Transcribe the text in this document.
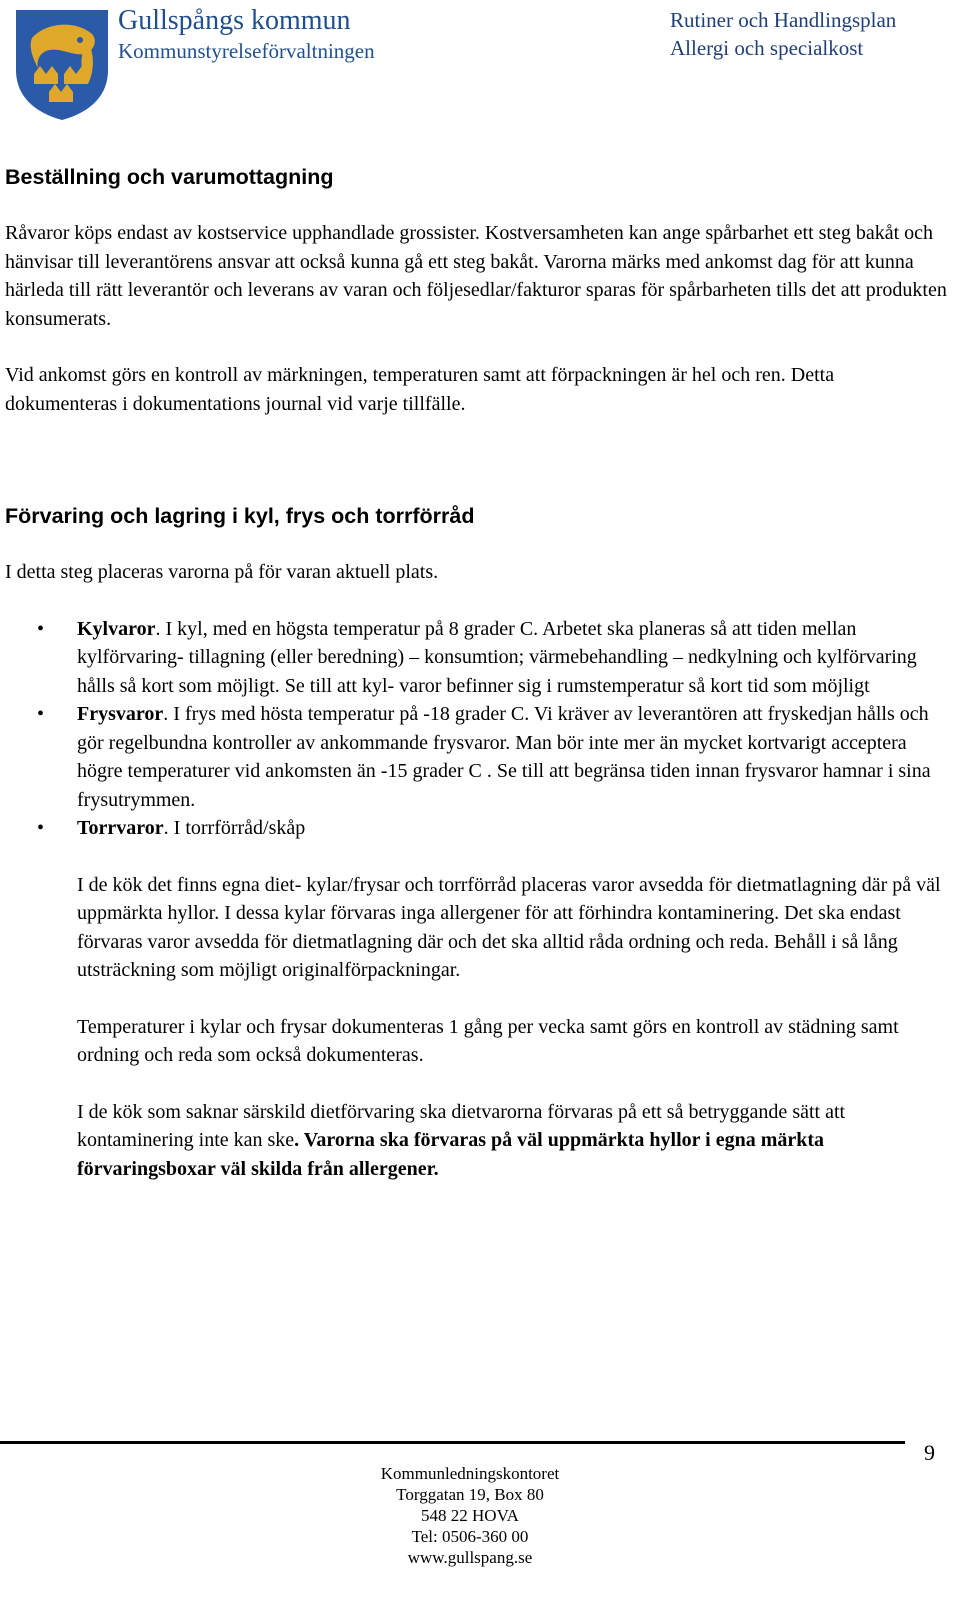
Gullspångs kommun
Kommunstyrelseförvaltningen
Rutiner och Handlingsplan
Allergi och specialkost
Beställning och varumottagning

Råvaror köps endast av kostservice upphandlade grossister. Kostversamheten kan ange spårbarhet ett steg bakåt och hänvisar till leverantörens ansvar att också kunna gå ett steg bakåt. Varorna märks med ankomst dag för att kunna härleda till rätt leverantör och leverans av varan och följesedlar/fakturor sparas för spårbarheten tills det att produkten konsumerats.

Vid ankomst görs en kontroll av märkningen, temperaturen samt att förpackningen är hel och ren. Detta dokumenteras i dokumentations journal vid varje tillfälle.

Förvaring och lagring i kyl, frys och torrförråd

I detta steg placeras varorna på för varan aktuell plats.

• Kylvaror. I kyl, med en högsta temperatur på 8 grader C. Arbetet ska planeras så att tiden mellan kylförvaring- tillagning (eller beredning) – konsumtion; värmebehandling – nedkylning och kylförvaring hålls så kort som möjligt. Se till att kyl- varor befinner sig i rumstemperatur så kort tid som möjligt
• Frysvaror. I frys med hösta temperatur på -18 grader C. Vi kräver av leverantören att fryskedjan hålls och gör regelbundna kontroller av ankommande frysvaror. Man bör inte mer än mycket kortvarigt acceptera högre temperaturer vid ankomsten än -15 grader C . Se till att begränsa tiden innan frysvaror hamnar i sina frysutrymmen.
• Torrvaror. I torrförråd/skåp

I de kök det finns egna diet- kylar/frysar och torrförråd placeras varor avsedda för dietmatlagning där på väl uppmärkta hyllor. I dessa kylar förvaras inga allergener för att förhindra kontaminering. Det ska endast förvaras varor avsedda för dietmatlagning där och det ska alltid råda ordning och reda. Behåll i så lång utsträckning som möjligt originalförpackningar.

Temperaturer i kylar och frysar dokumenteras 1 gång per vecka samt görs en kontroll av städning samt ordning och reda som också dokumenteras.

I de kök som saknar särskild dietförvaring ska dietvarorna förvaras på ett så betryggande sätt att kontaminering inte kan ske. Varorna ska förvaras på väl uppmärkta hyllor i egna märkta förvaringsboxar väl skilda från allergener.

9
Kommunledningskontoret
Torggatan 19, Box 80
548 22 HOVA
Tel: 0506-360 00
www.gullspang.se
